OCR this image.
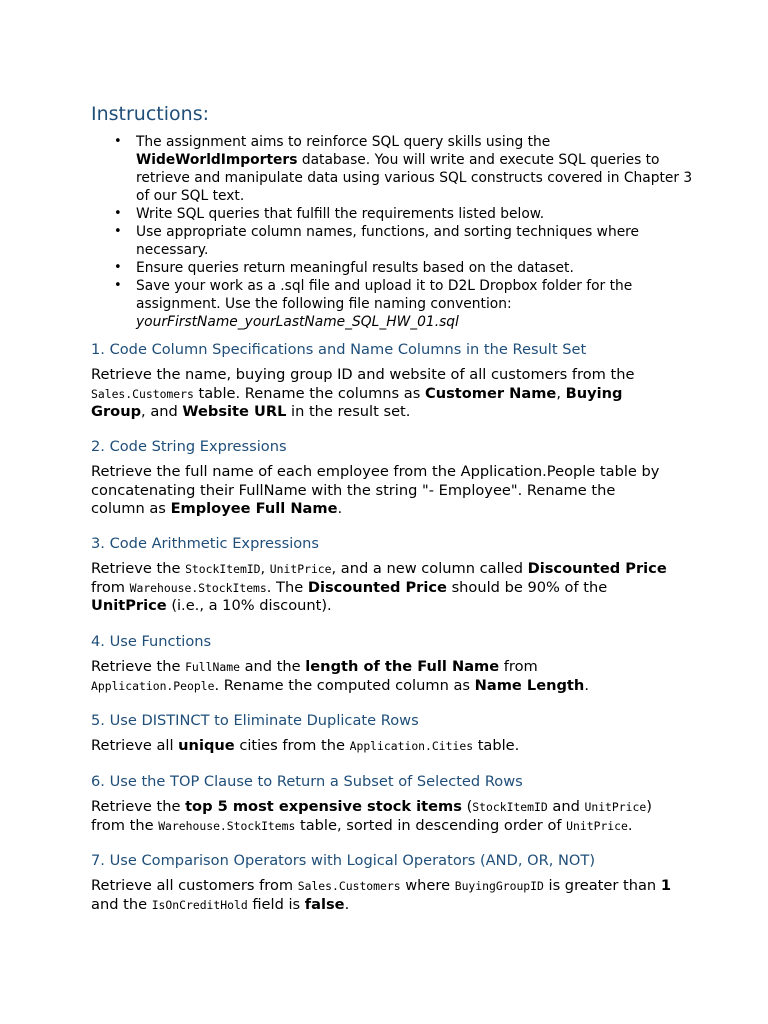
Instructions:
• The assignment aims to reinforce SQL query skills using the WideWorldImporters database. You will write and execute SQL queries to retrieve and manipulate data using various SQL constructs covered in Chapter 3 of our SQL text.
• Write SQL queries that fulfill the requirements listed below.
• Use appropriate column names, functions, and sorting techniques where necessary.
• Ensure queries return meaningful results based on the dataset.
• Save your work as a .sql file and upload it to D2L Dropbox folder for the assignment. Use the following file naming convention:
yourFirstName_yourLastName_SQL_HW_01.sql
1. Code Column Specifications and Name Columns in the Result Set

Retrieve the name, buying group ID and website of all customers from the Sales.Customers table. Rename the columns as Customer Name, Buying Group, and Website URL in the result set.

2. Code String Expressions

Retrieve the full name of each employee from the Application.People table by concatenating their FullName with the string "- Employee". Rename the column as Employee Full Name.

3. Code Arithmetic Expressions

Retrieve the StockItemID, UnitPrice, and a new column called Discounted Price from Warehouse.StockItems. The Discounted Price should be 90% of the UnitPrice (i.e., a 10% discount).

4. Use Functions

Retrieve the FullName and the length of the Full Name from
Application.People. Rename the computed column as Name Length.

5. Use DISTINCT to Eliminate Duplicate Rows

Retrieve all unique cities from the Application.Cities table.

6. Use the TOP Clause to Return a Subset of Selected Rows

Retrieve the top 5 most expensive stock items (StockItemID and UnitPrice) from the Warehouse.StockItems table, sorted in descending order of UnitPrice.

7. Use Comparison Operators with Logical Operators (AND, OR, NOT)

Retrieve all customers from Sales.Customers where BuyingGroupID is greater than 1 and the IsOnCreditHold field is false.
